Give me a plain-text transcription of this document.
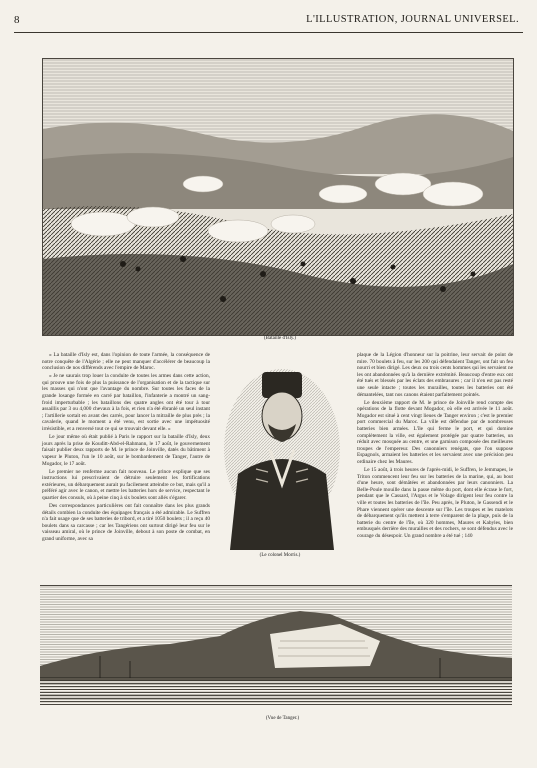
8	L'ILLUSTRATION, JOURNAL UNIVERSEL.
(Bataille d'Isly.)

« La bataille d'Isly est, dans l'opinion de toute l'armée, la conséquence de notre conquête de l'Algérie ; elle ne peut manquer d'accélérer de beaucoup la conclusion de nos différends avec l'empire de Maroc.

« Je ne saurais trop louer la conduite de toutes les armes dans cette action, qui prouve une fois de plus la puissance de l'organisation et de la tactique sur les masses qui n'ont que l'avantage du nombre. Sur toutes les faces de la grande losange formée en carré par bataillon, l'infanterie a montré un sang-froid imperturbable ; les bataillons des quatre angles ont été tour à tour assaillis par 3 ou 4,000 chevaux à la fois, et rien n'a été ébranlé un seul instant ; l'artillerie sortait en avant des carrés, pour lancer la mitraille de plus près ; la cavalerie, quand le moment a été venu, est sortie avec une impétuosité irrésistible, et a renversé tout ce qui se trouvait devant elle. »

Le jour même où était publié à Paris le rapport sur la bataille d'Isly, deux jours après la prise de Kouditt-Abd-el-Rahmann, le 17 août, le gouvernement faisait publier deux rapports de M. le prince de Joinville, datés du bâtiment à vapeur le Pluton, l'un le 10 août, sur le bombardement de Tanger, l'autre de Mogador, le 17 août.

Le premier ne renferme aucun fait nouveau. Le prince explique que ses instructions lui prescrivaient de détruire seulement les fortifications extérieures, un débarquement aurait pu facilement atteindre ce but, mais qu'il a préféré agir avec le canon, et mettre les batteries hors de service, respectant le quartier des consuls, où à peine cinq à six boulets sont allés s'égarer.

Des correspondances particulières ont fait connaître dans les plus grands détails combien la conduite des équipages français a été admirable. Le Suffren n'a fait usage que de ses batteries de tribord, et a tiré 1050 boulets ; il a reçu 40 boulets dans sa carcasse ; car les Tangériens ont surtout dirigé leur feu sur le vaisseau amiral, où le prince de Joinville, debout à son poste de combat, en grand uniforme, avec sa

(Le colonel Morris.)

plaque de la Légion d'honneur sur la poitrine, leur servait de point de mire. 70 boulets à feu, sur les 200 qui défendaient Tanger, ont fait un feu nourri et bien dirigé. Les deux ou trois cents hommes qui les servaient ne les ont abandonnées qu'à la dernière extrémité. Beaucoup d'entre eux ont été tués et blessés par les éclats des embrasures ; car il n'en est pas resté une seule intacte ; toutes les murailles, toutes les batteries ont été démantelées, tant nos canons étaient parfaitement pointés.

Le deuxième rapport de M. le prince de Joinville rend compte des opérations de la flotte devant Mogador, où elle est arrivée le 11 août. Mogador est situé à cent vingt lieues de Tanger environ ; c'est le premier port commercial du Maroc. La ville est défendue par de nombreuses batteries bien armées. L'île qui ferme le port, et qui domine complètement la ville, est également protégée par quatre batteries, un réduit avec mosquée au centre, et une garnison composée des meilleures troupes de l'empereur. Des canonniers renégats, que l'on suppose Espagnols, armaient les batteries et les servaient avec une précision peu ordinaire chez les Maures.

Le 15 août, à trois heures de l'après-midi, le Suffren, le Jemmapes, le Triton commencent leur feu sur les batteries de la marine, qui, au bout d'une heure, sont démâtées et abandonnées par leurs canonniers. La Belle-Poule mouille dans la passe même du port, dont elle écrase le fort, pendant que le Cassard, l'Argus et le Volage dirigent leur feu contre la ville et toutes les batteries de l'île. Peu après, le Pluton, le Gassendi et le Phare viennent opérer une descente sur l'île. Les troupes et les matelots de débarquement qu'ils mettent à terre s'emparent de la plage, puis de la batterie du centre de l'île, où 320 hommes, Maures et Kabyles, bien embusqués derrière des murailles et des rochers, se sont défendus avec le courage du désespoir. Un grand nombre a été tué ; 140

(Vue de Tanger.)
